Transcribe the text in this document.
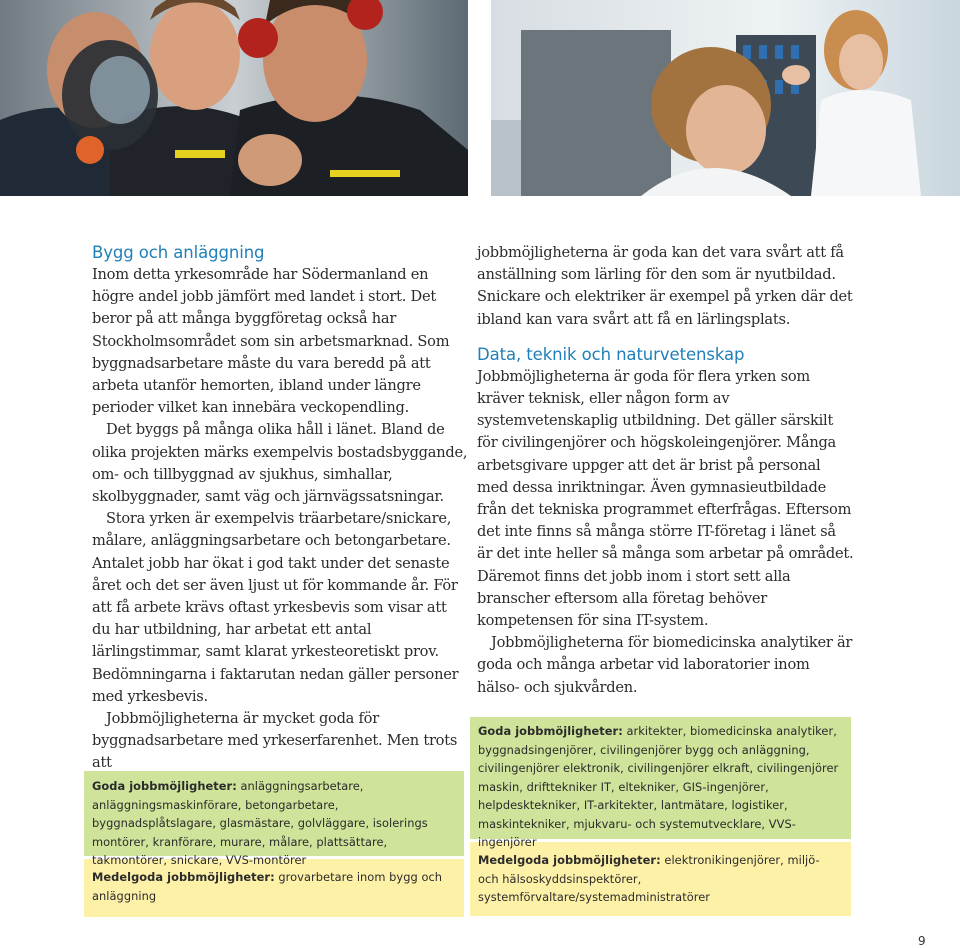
Bygg och anläggning

Inom detta yrkesområde har Södermanland en högre andel jobb jämfört med landet i stort. Det beror på att många byggföretag också har Stockholmsområdet som sin arbetsmarknad. Som byggnadsarbetare måste du vara beredd på att arbeta utanför hemorten, ibland under längre perioder vilket kan innebära veckopendling.

Det byggs på många olika håll i länet. Bland de olika projekten märks exempelvis bostadsbyggande, om- och tillbyggnad av sjukhus, simhallar, skolbyggnader, samt väg och järnvägssatsningar.

Stora yrken är exempelvis träarbetare/snickare, målare, anläggningsarbetare och betongarbetare. Antalet jobb har ökat i god takt under det senaste året och det ser även ljust ut för kommande år. För att få arbete krävs oftast yrkesbevis som visar att du har utbildning, har arbetat ett antal lärlingstimmar, samt klarat yrkesteoretiskt prov. Bedömningarna i faktarutan nedan gäller personer med yrkesbevis.

Jobbmöjligheterna är mycket goda för byggnadsarbetare med yrkeserfarenhet. Men trots att

Goda jobbmöjligheter: anläggningsarbetare, anläggningsmaskinförare, betongarbetare, byggnadsplåtslagare, glasmästare, golvläggare, isolerings montörer, kranförare, murare, målare, plattsättare, takmontörer, snickare, VVS-montörer
Medelgoda jobbmöjligheter: grovarbetare inom bygg och anläggning

jobbmöjligheterna är goda kan det vara svårt att få anställning som lärling för den som är nyutbildad. Snickare och elektriker är exempel på yrken där det ibland kan vara svårt att få en lärlingsplats.

Data, teknik och naturvetenskap

Jobbmöjligheterna är goda för flera yrken som kräver teknisk, eller någon form av systemvetenskaplig utbildning. Det gäller särskilt för civilingenjörer och högskoleingenjörer. Många arbetsgivare uppger att det är brist på personal med dessa inriktningar. Även gymnasieutbildade från det tekniska programmet efterfrågas. Eftersom det inte finns så många större IT-företag i länet så är det inte heller så många som arbetar på området. Däremot finns det jobb inom i stort sett alla branscher eftersom alla företag behöver kompetensen för sina IT-system.

Jobbmöjligheterna för biomedicinska analytiker är goda och många arbetar vid laboratorier inom hälso- och sjukvården.

Goda jobbmöjligheter: arkitekter, biomedicinska analytiker, byggnadsingenjörer, civilingenjörer bygg och anläggning, civilingenjörer elektronik, civilingenjörer elkraft, civilingenjörer maskin, drifttekniker IT, eltekniker, GIS-ingenjörer, helpdesktekniker, IT-arkitekter, lantmätare, logistiker, maskintekniker, mjukvaru- och systemutvecklare, VVS-ingenjörer
Medelgoda jobbmöjligheter: elektronikingenjörer, miljö- och hälsoskyddsinspektörer, systemförvaltare/systemadministratörer
9
